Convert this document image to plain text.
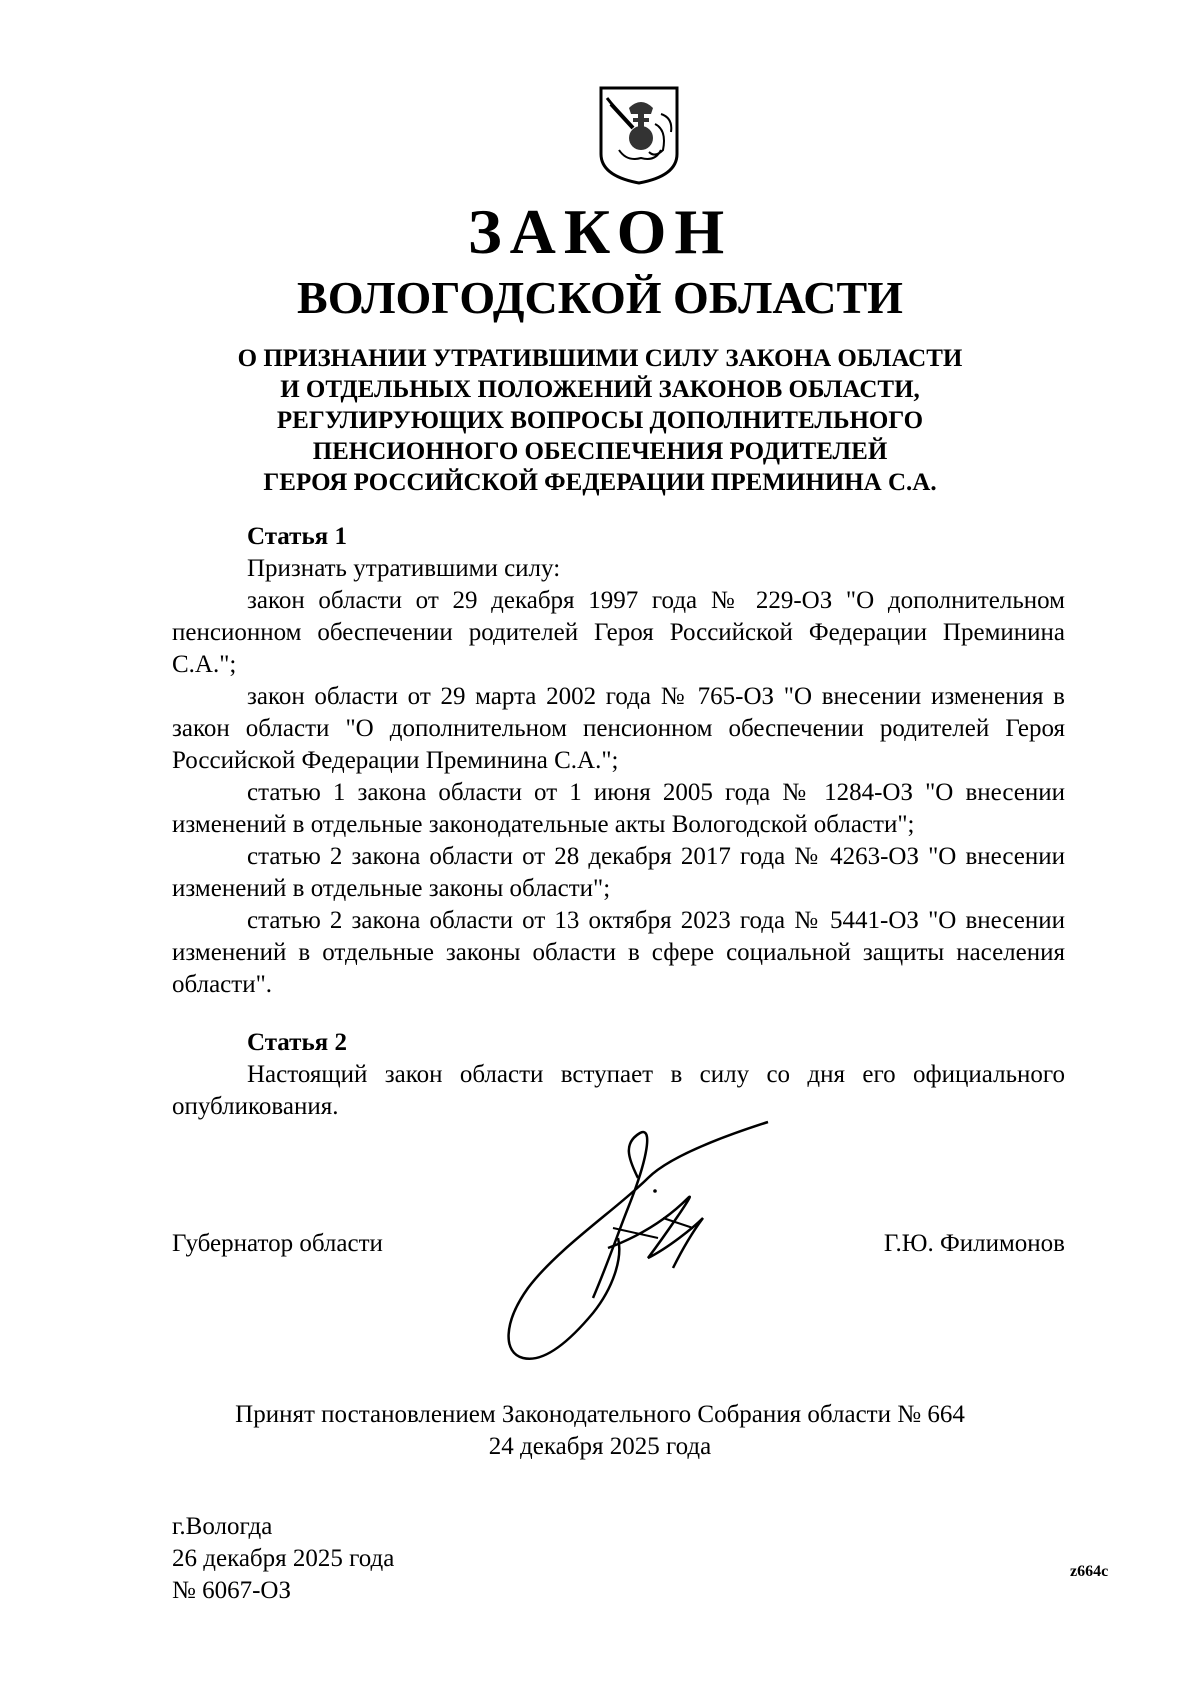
ЗАКОН
ВОЛОГОДСКОЙ ОБЛАСТИ
О ПРИЗНАНИИ УТРАТИВШИМИ СИЛУ ЗАКОНА ОБЛАСТИ
И ОТДЕЛЬНЫХ ПОЛОЖЕНИЙ ЗАКОНОВ ОБЛАСТИ,
РЕГУЛИРУЮЩИХ ВОПРОСЫ ДОПОЛНИТЕЛЬНОГО
ПЕНСИОННОГО ОБЕСПЕЧЕНИЯ РОДИТЕЛЕЙ
ГЕРОЯ РОССИЙСКОЙ ФЕДЕРАЦИИ ПРЕМИНИНА С.А.

Статья 1

Признать утратившими силу:

закон области от 29 декабря 1997 года № 229-ОЗ "О дополнительном пенсионном обеспечении родителей Героя Российской Федерации Преминина С.А.";

закон области от 29 марта 2002 года № 765-ОЗ "О внесении изменения в закон области "О дополнительном пенсионном обеспечении родителей Героя Российской Федерации Преминина С.А.";

статью 1 закона области от 1 июня 2005 года № 1284-ОЗ "О внесении изменений в отдельные законодательные акты Вологодской области";

статью 2 закона области от 28 декабря 2017 года № 4263-ОЗ "О внесении изменений в отдельные законы области";

статью 2 закона области от 13 октября 2023 года № 5441-ОЗ "О внесении изменений в отдельные законы области в сфере социальной защиты населения области".

Статья 2

Настоящий закон области вступает в силу со дня его официального опубликования.

Губернатор области	Г.Ю. Филимонов
Принят постановлением Законодательного Собрания области № 664
24 декабря 2025 года
г.Вологда
26 декабря 2025 года
№ 6067-ОЗ
z664c
